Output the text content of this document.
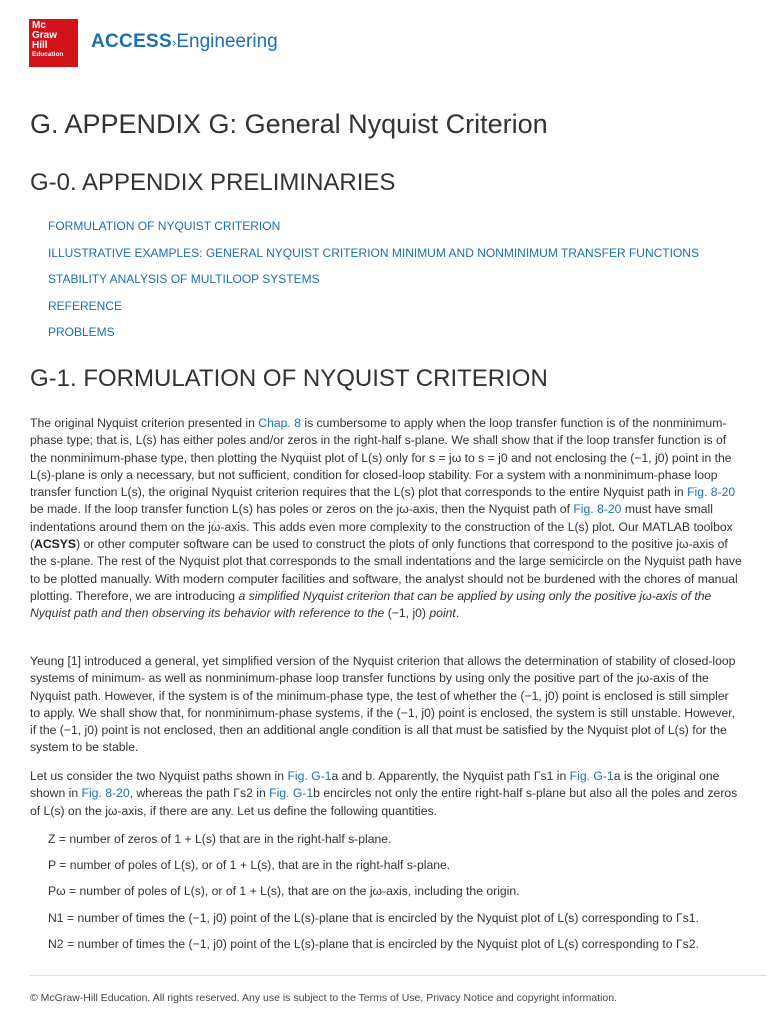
Mc
Graw
Hill
Education
ACCESS›Engineering
G. APPENDIX G: General Nyquist Criterion
G-0. APPENDIX PRELIMINARIES
FORMULATION OF NYQUIST CRITERION
ILLUSTRATIVE EXAMPLES: GENERAL NYQUIST CRITERION MINIMUM AND NONMINIMUM TRANSFER FUNCTIONS
STABILITY ANALYSIS OF MULTILOOP SYSTEMS
REFERENCE
PROBLEMS
G-1. FORMULATION OF NYQUIST CRITERION

The original Nyquist criterion presented in Chap. 8 is cumbersome to apply when the loop transfer function is of the nonminimum-phase type; that is, L(s) has either poles and/or zeros in the right-half s-plane. We shall show that if the loop transfer function is of the nonminimum-phase type, then plotting the Nyquist plot of L(s) only for s = jω to s = j0 and not enclosing the (−1, j0) point in the L(s)-plane is only a necessary, but not sufficient, condition for closed-loop stability. For a system with a nonminimum-phase loop transfer function L(s), the original Nyquist criterion requires that the L(s) plot that corresponds to the entire Nyquist path in Fig. 8-20 be made. If the loop transfer function L(s) has poles or zeros on the jω-axis, then the Nyquist path of Fig. 8-20 must have small indentations around them on the jω-axis. This adds even more complexity to the construction of the L(s) plot. Our MATLAB toolbox (ACSYS) or other computer software can be used to construct the plots of only functions that correspond to the positive jω-axis of the s-plane. The rest of the Nyquist plot that corresponds to the small indentations and the large semicircle on the Nyquist path have to be plotted manually. With modern computer facilities and software, the analyst should not be burdened with the chores of manual plotting. Therefore, we are introducing a simplified Nyquist criterion that can be applied by using only the positive jω-axis of the Nyquist path and then observing its behavior with reference to the (−1, j0) point.

Yeung [1] introduced a general, yet simplified version of the Nyquist criterion that allows the determination of stability of closed-loop systems of minimum- as well as nonminimum-phase loop transfer functions by using only the positive part of the jω-axis of the Nyquist path. However, if the system is of the minimum-phase type, the test of whether the (−1, j0) point is enclosed is still simpler to apply. We shall show that, for nonminimum-phase systems, if the (−1, j0) point is enclosed, the system is still unstable. However, if the (−1, j0) point is not enclosed, then an additional angle condition is all that must be satisfied by the Nyquist plot of L(s) for the system to be stable.

Let us consider the two Nyquist paths shown in Fig. G-1a and b. Apparently, the Nyquist path Γs1 in Fig. G-1a is the original one shown in Fig. 8-20, whereas the path Γs2 in Fig. G-1b encircles not only the entire right-half s-plane but also all the poles and zeros of L(s) on the jω-axis, if there are any. Let us define the following quantities.

Z = number of zeros of 1 + L(s) that are in the right-half s-plane.
P = number of poles of L(s), or of 1 + L(s), that are in the right-half s-plane.
Pω = number of poles of L(s), or of 1 + L(s), that are on the jω-axis, including the origin.
N1 = number of times the (−1, j0) point of the L(s)-plane that is encircled by the Nyquist plot of L(s) corresponding to Γs1.
N2 = number of times the (−1, j0) point of the L(s)-plane that is encircled by the Nyquist plot of L(s) corresponding to Γs2.
© McGraw-Hill Education. All rights reserved. Any use is subject to the Terms of Use, Privacy Notice and copyright information.
